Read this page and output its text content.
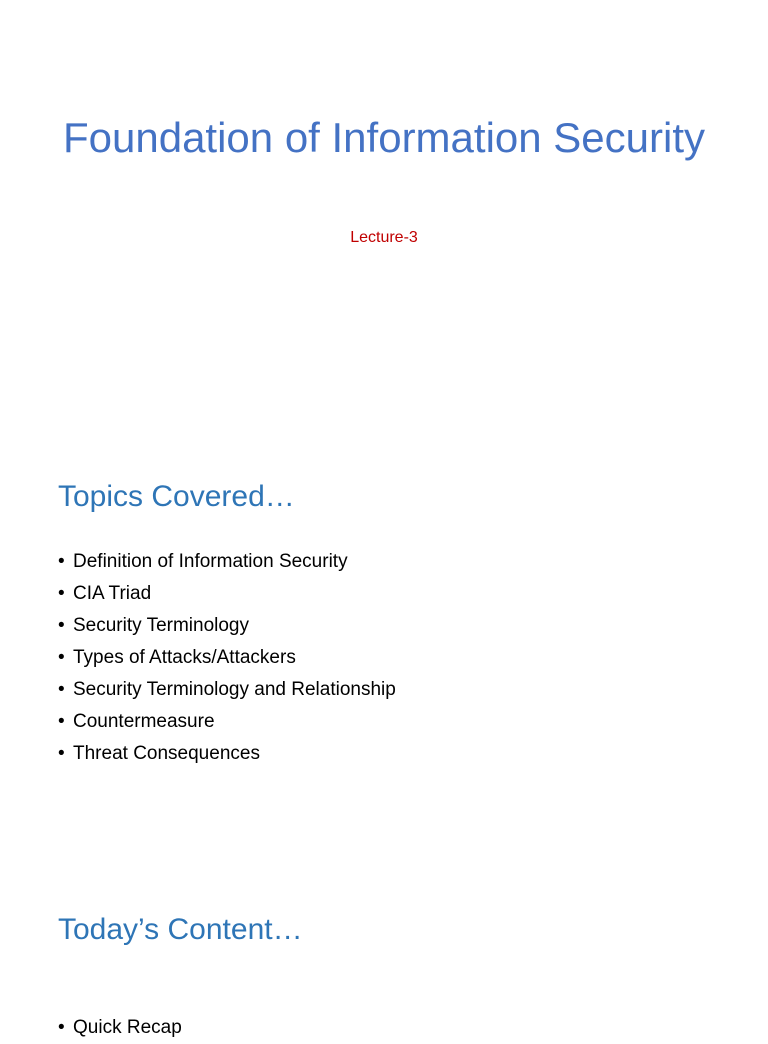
Foundation of Information Security
Lecture-3
Topics Covered…
• Definition of Information Security
• CIA Triad
• Security Terminology
• Types of Attacks/Attackers
• Security Terminology and Relationship
• Countermeasure
• Threat Consequences
Today’s Content…
• Quick Recap
